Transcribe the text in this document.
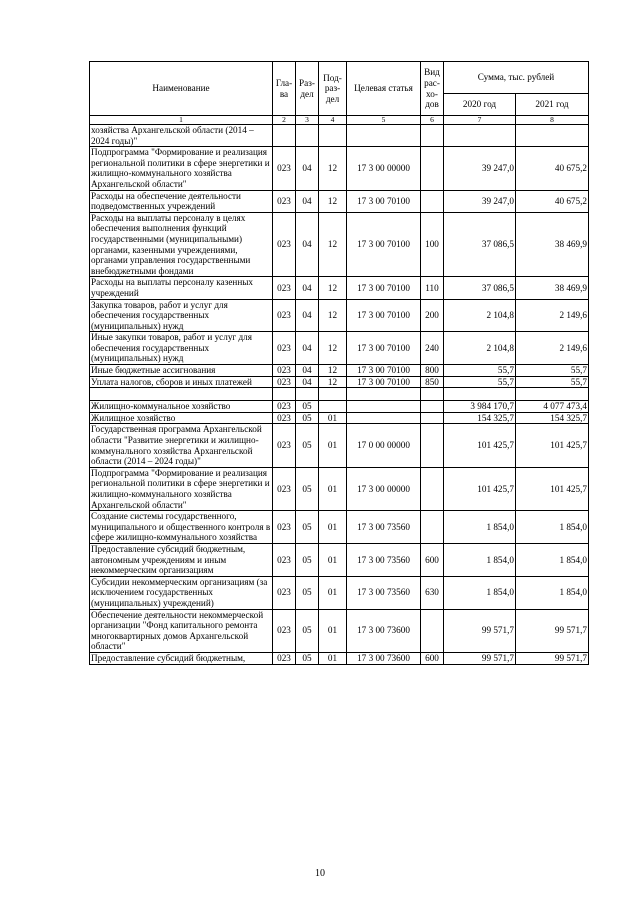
Наименование	Гла-ва	Раз-дел	Под-раз-дел	Целевая статья	Вид рас-хо-дов	Сумма, тыс. рублей	
						2020 год	2021 год
1	2	3	4	5	6	7	8
хозяйства Архангельской области (2014 – 2024 годы)"							
Подпрограмма "Формирование и реализация региональной политики в сфере энергетики и жилищно-коммунального хозяйства Архангельской области"	023	04	12	17 3 00 00000		39 247,0	40 675,2
Расходы на обеспечение деятельности подведомственных учреждений	023	04	12	17 3 00 70100		39 247,0	40 675,2
Расходы на выплаты персоналу в целях обеспечения выполнения функций государственными (муниципальными) органами, казенными учреждениями, органами управления государственными внебюджетными фондами	023	04	12	17 3 00 70100	100	37 086,5	38 469,9
Расходы на выплаты персоналу казенных учреждений	023	04	12	17 3 00 70100	110	37 086,5	38 469,9
Закупка товаров, работ и услуг для обеспечения государственных (муниципальных) нужд	023	04	12	17 3 00 70100	200	2 104,8	2 149,6
Иные закупки товаров, работ и услуг для обеспечения государственных (муниципальных) нужд	023	04	12	17 3 00 70100	240	2 104,8	2 149,6
Иные бюджетные ассигнования	023	04	12	17 3 00 70100	800	55,7	55,7
Уплата налогов, сборов и иных платежей	023	04	12	17 3 00 70100	850	55,7	55,7

Жилищно-коммунальное хозяйство	023	05				3 984 170,7	4 077 473,4
Жилищное хозяйство	023	05	01			154 325,7	154 325,7
Государственная программа Архангельской области "Развитие энергетики и жилищно-коммунального хозяйства Архангельской области (2014 – 2024 годы)"	023	05	01	17 0 00 00000		101 425,7	101 425,7
Подпрограмма "Формирование и реализация региональной политики в сфере энергетики и жилищно-коммунального хозяйства Архангельской области"	023	05	01	17 3 00 00000		101 425,7	101 425,7
Создание системы государственного, муниципального и общественного контроля в сфере жилищно-коммунального хозяйства	023	05	01	17 3 00 73560		1 854,0	1 854,0
Предоставление субсидий бюджетным, автономным учреждениям и иным некоммерческим организациям	023	05	01	17 3 00 73560	600	1 854,0	1 854,0
Субсидии некоммерческим организациям (за исключением государственных (муниципальных) учреждений)	023	05	01	17 3 00 73560	630	1 854,0	1 854,0
Обеспечение деятельности некоммерческой организации "Фонд капитального ремонта многоквартирных домов Архангельской области"	023	05	01	17 3 00 73600		99 571,7	99 571,7
Предоставление субсидий бюджетным,	023	05	01	17 3 00 73600	600	99 571,7	99 571,7
10
